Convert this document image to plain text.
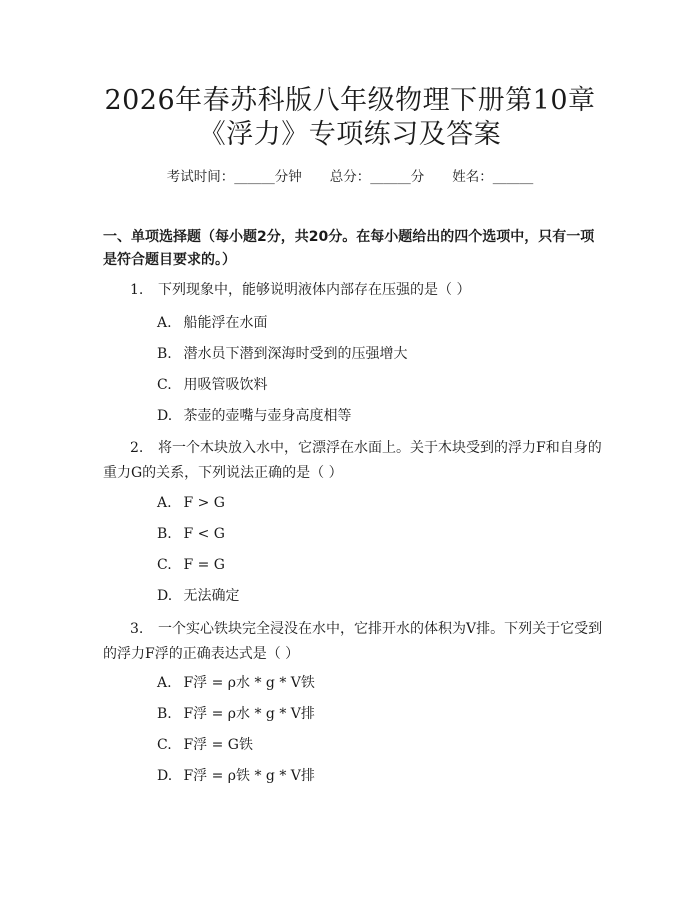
2026年春苏科版八年级物理下册第10章
《浮力》专项练习及答案
考试时间：______分钟 总分：______分 姓名：______
一、单项选择题（每小题2分，共20分。在每小题给出的四个选项中，只有一项
是符合题目要求的。）
1. 下列现象中，能够说明液体内部存在压强的是（ ）
A. 船能浮在水面
B. 潜水员下潜到深海时受到的压强增大
C. 用吸管吸饮料
D. 茶壶的壶嘴与壶身高度相等
2. 将一个木块放入水中，它漂浮在水面上。关于木块受到的浮力F和自身的
重力G的关系，下列说法正确的是（ ）
A. F > G
B. F < G
C. F = G
D. 无法确定
3. 一个实心铁块完全浸没在水中，它排开水的体积为V排。下列关于它受到
的浮力F浮的正确表达式是（ ）
A. F浮 = ρ水 * g * V铁
B. F浮 = ρ水 * g * V排
C. F浮 = G铁
D. F浮 = ρ铁 * g * V排
